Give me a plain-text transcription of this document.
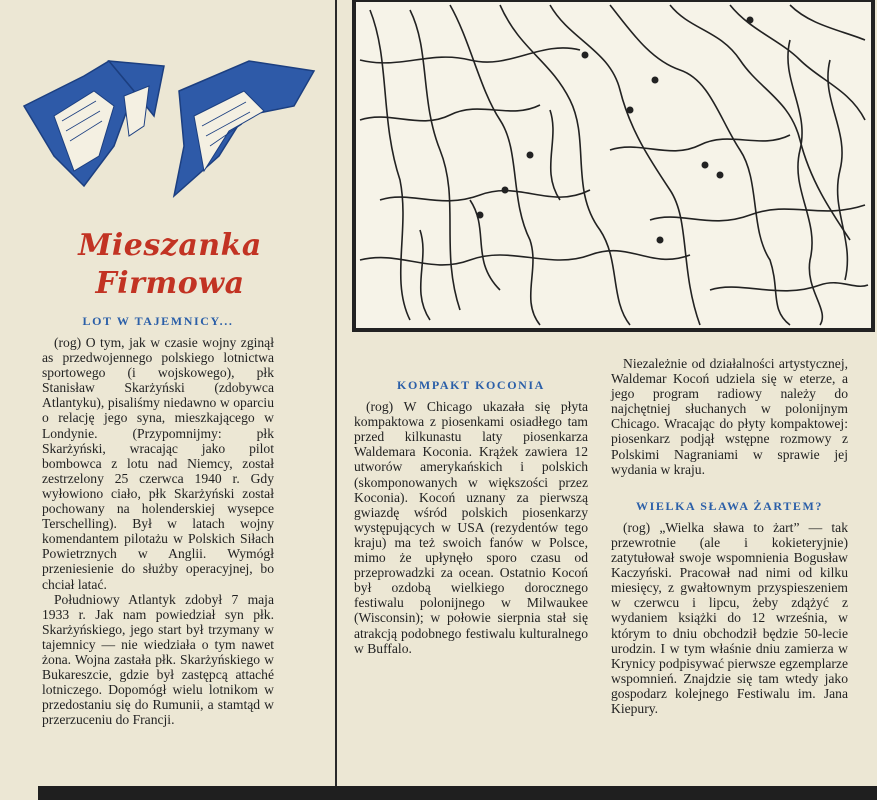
Mieszanka
Firmowa
LOT W TAJEMNICY...

(rog) O tym, jak w czasie wojny zginął as przedwojennego polskiego lotnictwa sportowego (i wojskowego), płk Stanisław Skarżyński (zdobywca Atlantyku), pisaliśmy niedawno w oparciu o relację jego syna, mieszkającego w Londynie. (Przypomnijmy: płk Skarżyński, wracając jako pilot bombowca z lotu nad Niemcy, został zestrzelony 25 czerwca 1940 r. Gdy wyłowiono ciało, płk Skarżyński został pochowany na holenderskiej wysepce Terschelling). Był w latach wojny komendantem pilotażu w Polskich Siłach Powietrznych w Anglii. Wymógł przeniesienie do służby operacyjnej, bo chciał latać.

Południowy Atlantyk zdobył 7 maja 1933 r. Jak nam powiedział syn płk. Skarżyńskiego, jego start był trzymany w tajemnicy — nie wiedziała o tym nawet żona. Wojna zastała płk. Skarżyńskiego w Bukareszcie, gdzie był zastępcą attaché lotniczego. Dopomógł wielu lotnikom w przedostaniu się do Rumunii, a stamtąd w przerzuceniu do Francji.

KOMPAKT KOCONIA

(rog) W Chicago ukazała się płyta kompaktowa z piosenkami osiadłego tam przed kilkunastu laty piosenkarza Waldemara Koconia. Krążek zawiera 12 utworów amerykańskich i polskich (skomponowanych w większości przez Koconia). Kocoń uznany za pierwszą gwiazdę wśród polskich piosenkarzy występujących w USA (rezydentów tego kraju) ma też swoich fanów w Polsce, mimo że upłynęło sporo czasu od przeprowadzki za ocean. Ostatnio Kocoń był ozdobą wielkiego dorocznego festiwalu polonijnego w Milwaukee (Wisconsin); w połowie sierpnia stał się atrakcją podobnego festiwalu kulturalnego w Buffalo.

Niezależnie od działalności artystycznej, Waldemar Kocoń udziela się w eterze, a jego program radiowy należy do najchętniej słuchanych w polonijnym Chicago. Wracając do płyty kompaktowej: piosenkarz podjął wstępne rozmowy z Polskimi Nagraniami w sprawie jej wydania w kraju.

WIELKA SŁAWA ŻARTEM?

(rog) „Wielka sława to żart” — tak przewrotnie (ale i kokieteryjnie) zatytułował swoje wspomnienia Bogusław Kaczyński. Pracował nad nimi od kilku miesięcy, z gwałtownym przyspieszeniem w czerwcu i lipcu, żeby zdążyć z wydaniem książki do 12 września, w którym to dniu obchodził będzie 50-lecie urodzin. I w tym właśnie dniu zamierza w Krynicy podpisywać pierwsze egzemplarze wspomnień. Znajdzie się tam wtedy jako gospodarz kolejnego Festiwalu im. Jana Kiepury.
